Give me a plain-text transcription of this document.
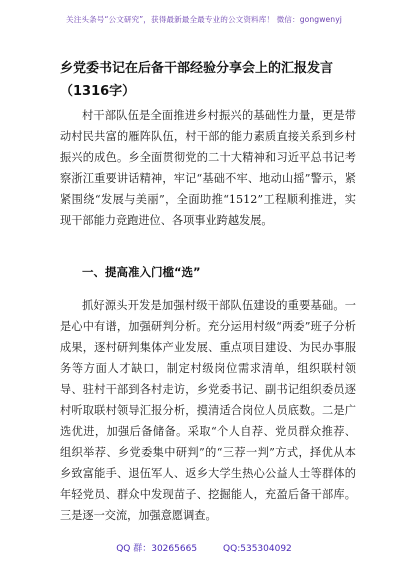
关注头条号“公文研究”，获得最新最全最专业的公文资料库！ 微信：gongwenyj
乡党委书记在后备干部经验分享会上的汇报发言（1316字）
村干部队伍是全面推进乡村振兴的基础性力量，更是带动村民共富的雁阵队伍，村干部的能力素质直接关系到乡村振兴的成色。乡全面贯彻党的二十大精神和习近平总书记考察浙江重要讲话精神，牢记“基础不牢、地动山摇”警示，紧紧围绕“发展与美丽”，全面助推“1512”工程顺利推进，实现干部能力竞跑进位、各项事业跨越发展。
一、提高准入门槛“选”
抓好源头开发是加强村级干部队伍建设的重要基础。一是心中有谱，加强研判分析。充分运用村级“两委”班子分析成果，逐村研判集体产业发展、重点项目建设、为民办事服务等方面人才缺口，制定村级岗位需求清单，组织联村领导、驻村干部到各村走访，乡党委书记、副书记组织委员逐村听取联村领导汇报分析，摸清适合岗位人员底数。二是广选优进，加强后备储备。采取“个人自荐、党员群众推荐、组织举荐、乡党委集中研判”的“三荐一判”方式，择优从本乡致富能手、退伍军人、返乡大学生热心公益人士等群体的年轻党员、群众中发现苗子、挖掘能人，充盈后备干部库。三是逐一交流，加强意愿调查。
QQ 群：30265665	QQ:535304092
